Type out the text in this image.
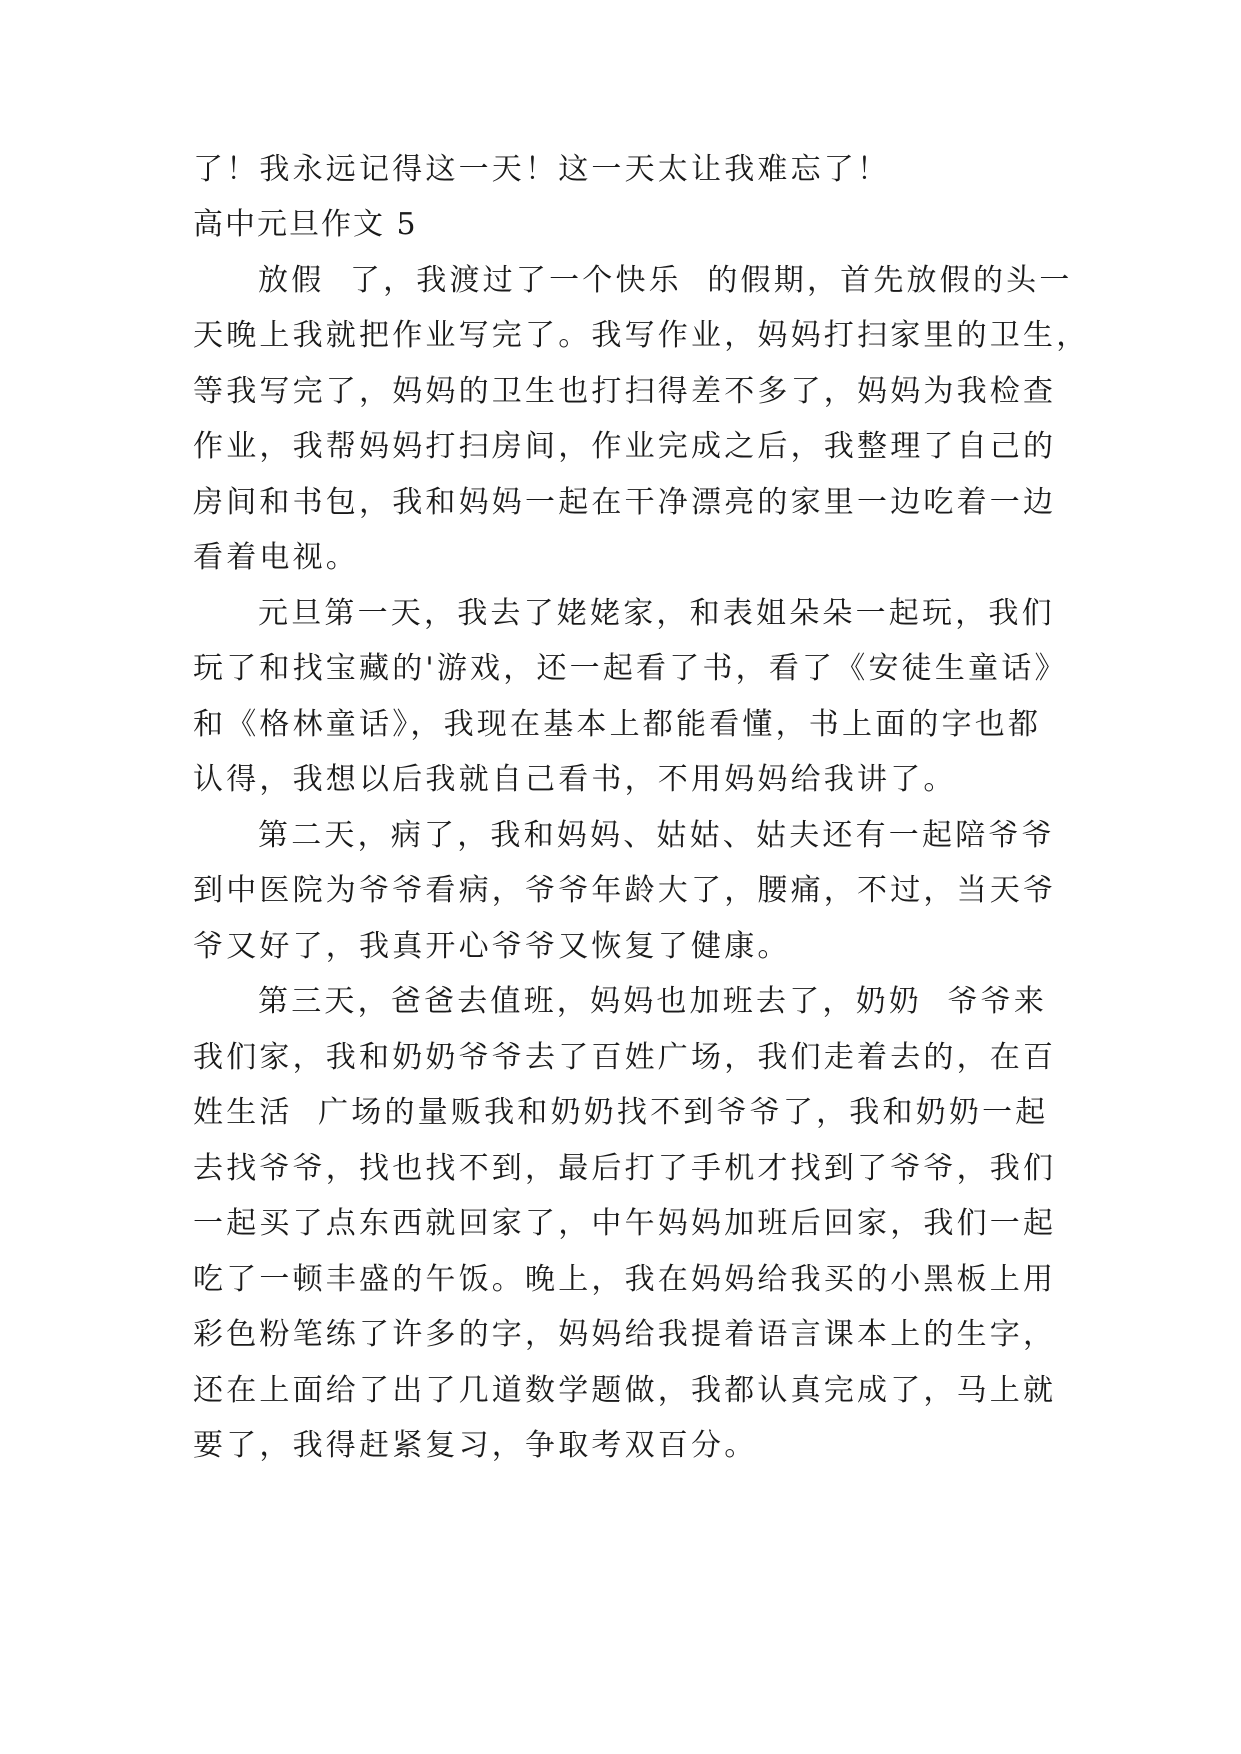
了！我永远记得这一天！这一天太让我难忘了！
高中元旦作文 5
放假  了，我渡过了一个快乐  的假期，首先放假的头一
天晚上我就把作业写完了。我写作业，妈妈打扫家里的卫生，
等我写完了，妈妈的卫生也打扫得差不多了，妈妈为我检查
作业，我帮妈妈打扫房间，作业完成之后，我整理了自己的
房间和书包，我和妈妈一起在干净漂亮的家里一边吃着一边
看着电视。
元旦第一天，我去了姥姥家，和表姐朵朵一起玩，我们
玩了和找宝藏的'游戏，还一起看了书，看了《安徒生童话》
和《格林童话》，我现在基本上都能看懂，书上面的字也都
认得，我想以后我就自己看书，不用妈妈给我讲了。
第二天，病了，我和妈妈、姑姑、姑夫还有一起陪爷爷
到中医院为爷爷看病，爷爷年龄大了，腰痛，不过，当天爷
爷又好了，我真开心爷爷又恢复了健康。
第三天，爸爸去值班，妈妈也加班去了，奶奶  爷爷来
我们家，我和奶奶爷爷去了百姓广场，我们走着去的，在百
姓生活  广场的量贩我和奶奶找不到爷爷了，我和奶奶一起
去找爷爷，找也找不到，最后打了手机才找到了爷爷，我们
一起买了点东西就回家了，中午妈妈加班后回家，我们一起
吃了一顿丰盛的午饭。晚上，我在妈妈给我买的小黑板上用
彩色粉笔练了许多的字，妈妈给我提着语言课本上的生字，
还在上面给了出了几道数学题做，我都认真完成了，马上就
要了，我得赶紧复习，争取考双百分。
